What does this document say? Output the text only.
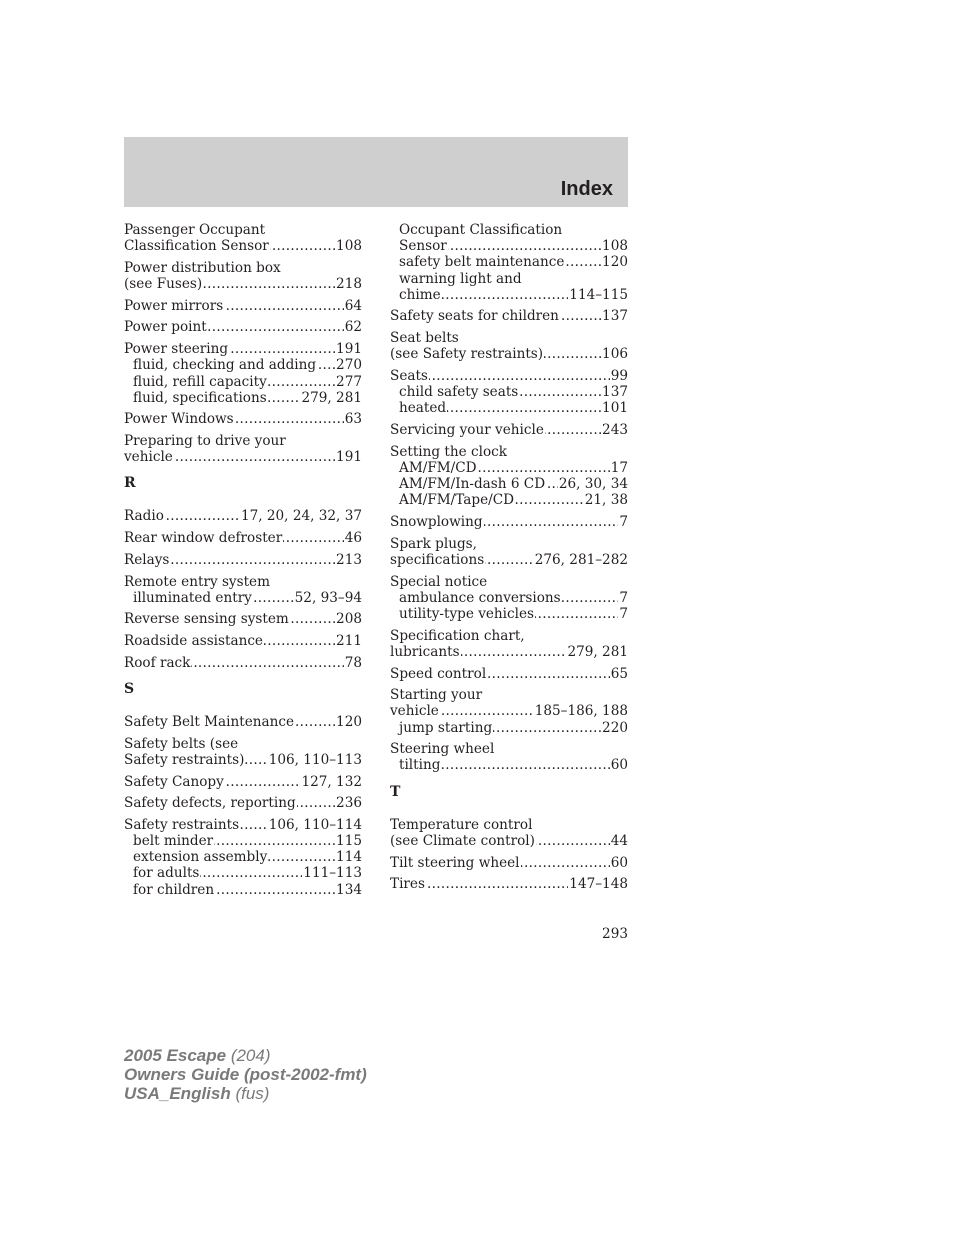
Index
Passenger Occupant
..... Classification Sensor	108
Power distribution box
..... (see Fuses)	218
..... Power mirrors	64
..... Power point	62
..... Power steering	191
..... fluid, checking and adding 270
..... fluid, refill capacity	277
..... fluid, specifications	279, 281
..... Power Windows	63
Preparing to drive your
..... vehicle	191
R
..... Radio	17, 20, 24, 32, 37
..... Rear window defroster	46
..... Relays	213
Remote entry system
..... illuminated entry	52, 93–94
..... Reverse sensing system	208
..... Roadside assistance	211
..... Roof rack	78
S
..... Safety Belt Maintenance	120
Safety belts (see
..... Safety restraints) 106, 110–113
..... Safety Canopy	127, 132
..... Safety defects, reporting	236
..... Safety restraints 106, 110–114
..... belt minder	115
..... extension assembly	114
..... for adults	111–113
..... for children	134
Occupant Classification
..... Sensor	108
..... safety belt maintenance	120
warning light and
..... chime	114–115
..... Safety seats for children	137
Seat belts
..... (see Safety restraints)	106
..... Seats	99
..... child safety seats	137
..... heated	101
..... Servicing your vehicle	243
Setting the clock
..... AM/FM/CD	17
..... AM/FM/In-dash 6 CD 26, 30, 34
..... AM/FM/Tape/CD	21, 38
..... Snowplowing	7
Spark plugs,
..... specifications	276, 281–282
Special notice
..... ambulance conversions	7
..... utility-type vehicles	7
Specification chart,
..... lubricants	279, 281
..... Speed control	65
Starting your
..... vehicle	185–186, 188
..... jump starting	220
Steering wheel
..... tilting	60
T
Temperature control
..... (see Climate control)	44
..... Tilt steering wheel	60
..... Tires	147–148
293
2005 Escape (204)
Owners Guide (post-2002-fmt)
USA_English (fus)
